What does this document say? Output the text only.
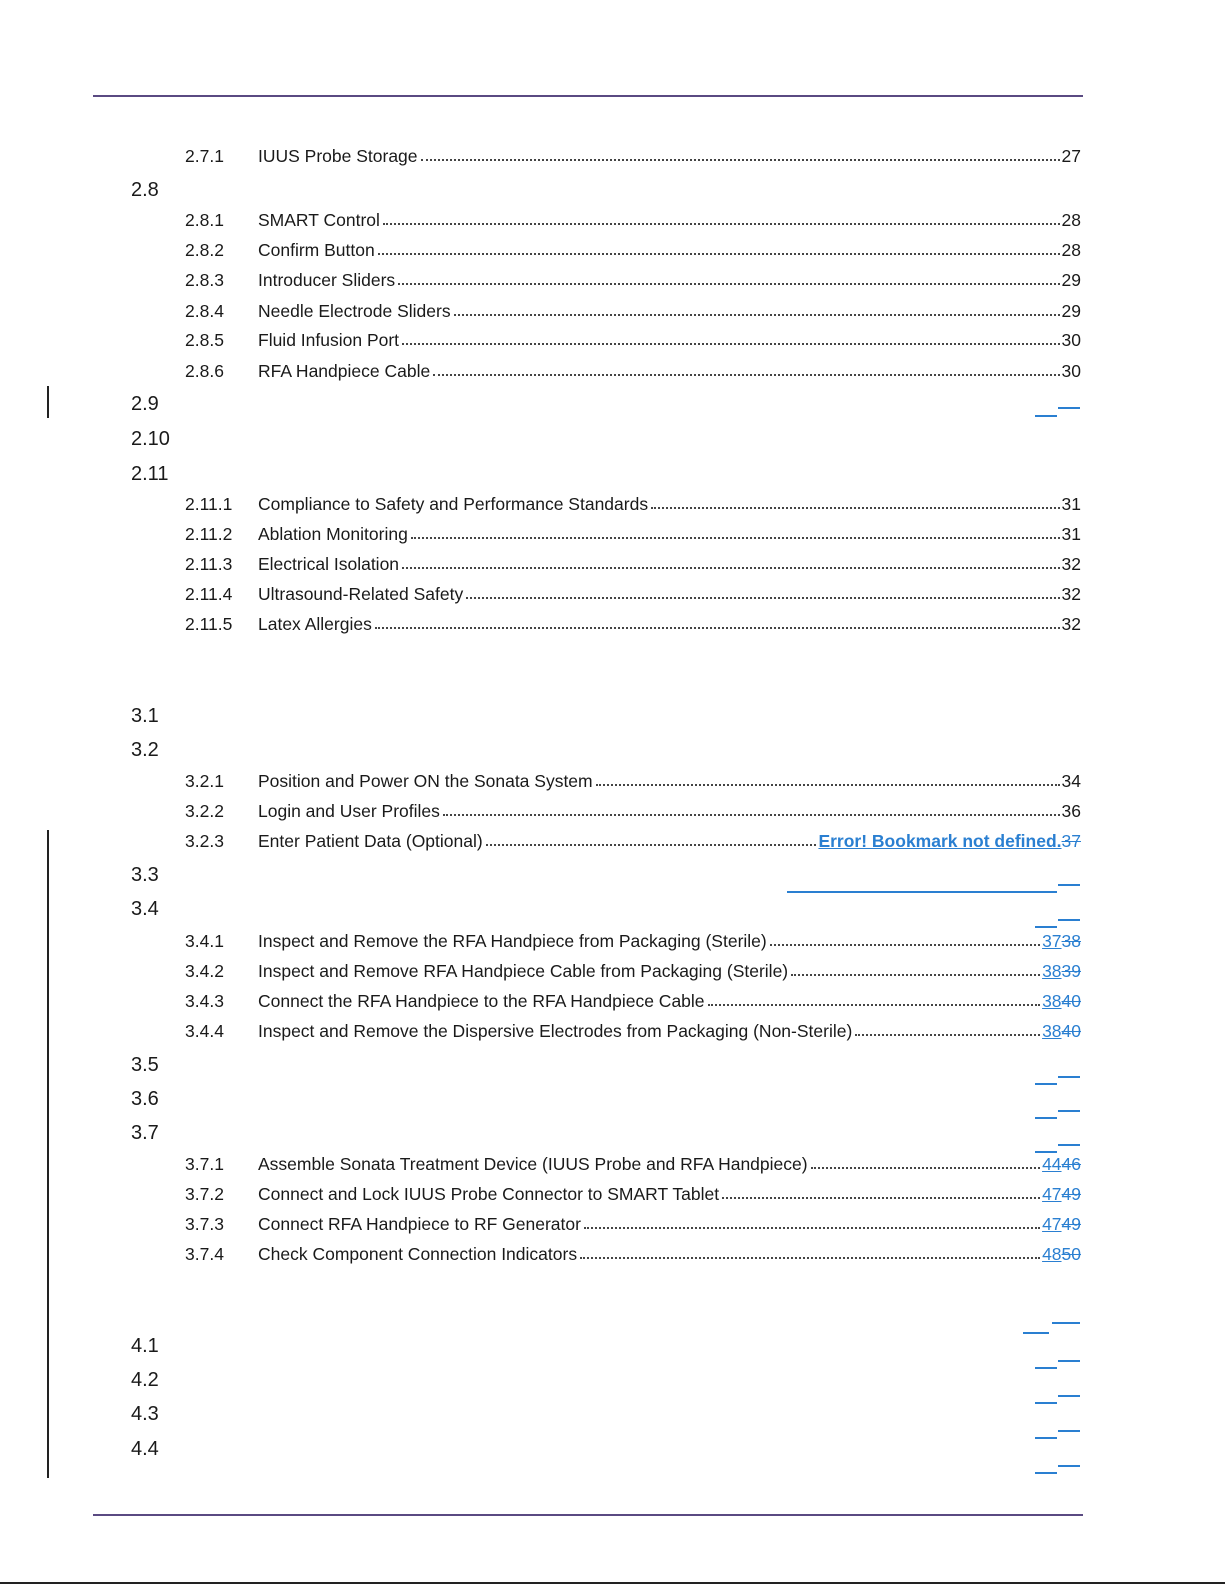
2.7.1 IUUS Probe Storage	27
2.8
2.8.1 SMART Control	28
2.8.2 Confirm Button	28
2.8.3 Introducer Sliders	29
2.8.4 Needle Electrode Sliders	29
2.8.5 Fluid Infusion Port	30
2.8.6 RFA Handpiece Cable	30
2.9
2.10
2.11
2.11.1 Compliance to Safety and Performance Standards	31
2.11.2 Ablation Monitoring	31
2.11.3 Electrical Isolation	32
2.11.4 Ultrasound-Related Safety	32
2.11.5 Latex Allergies	32
3.1
3.2
3.2.1 Position and Power ON the Sonata System	34
3.2.2 Login and User Profiles	36
3.2.3 Enter Patient Data (Optional)	Error! Bookmark not defined.37
3.3
3.4
3.4.1 Inspect and Remove the RFA Handpiece from Packaging (Sterile)	3738
3.4.2 Inspect and Remove RFA Handpiece Cable from Packaging (Sterile)	3839
3.4.3 Connect the RFA Handpiece to the RFA Handpiece Cable	3840
3.4.4 Inspect and Remove the Dispersive Electrodes from Packaging (Non-Sterile)	3840
3.5
3.6
3.7
3.7.1 Assemble Sonata Treatment Device (IUUS Probe and RFA Handpiece)	4446
3.7.2 Connect and Lock IUUS Probe Connector to SMART Tablet	4749
3.7.3 Connect RFA Handpiece to RF Generator	4749
3.7.4 Check Component Connection Indicators	4850
4.1
4.2
4.3
4.4
